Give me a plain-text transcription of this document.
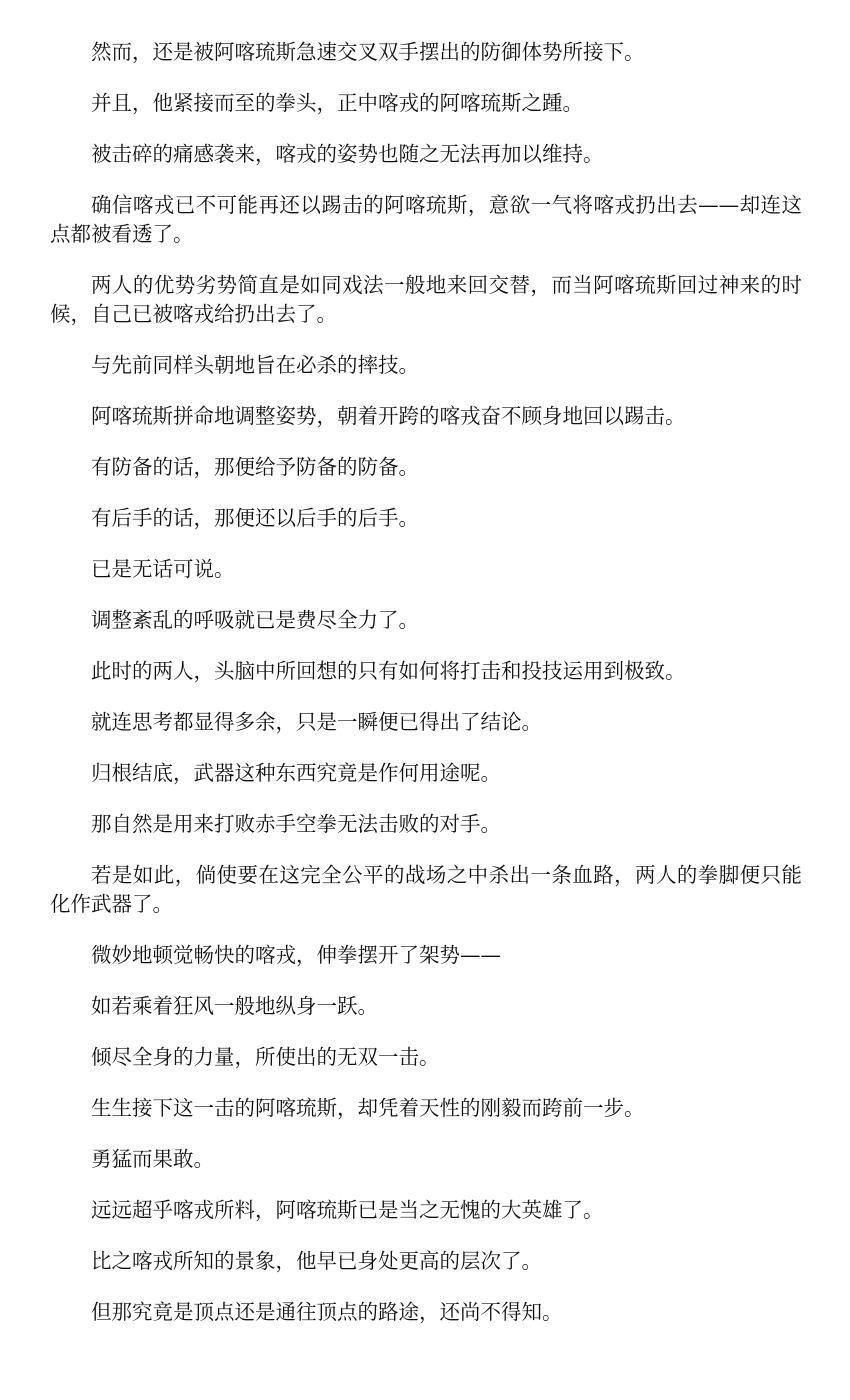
然而，还是被阿喀琉斯急速交叉双手摆出的防御体势所接下。

并且，他紧接而至的拳头，正中喀戎的阿喀琉斯之踵。

被击碎的痛感袭来，喀戎的姿势也随之无法再加以维持。

确信喀戎已不可能再还以踢击的阿喀琉斯，意欲一气将喀戎扔出去——却连这点都被看透了。

两人的优势劣势简直是如同戏法一般地来回交替，而当阿喀琉斯回过神来的时候，自己已被喀戎给扔出去了。

与先前同样头朝地旨在必杀的摔技。

阿喀琉斯拼命地调整姿势，朝着开跨的喀戎奋不顾身地回以踢击。

有防备的话，那便给予防备的防备。

有后手的话，那便还以后手的后手。

已是无话可说。

调整紊乱的呼吸就已是费尽全力了。

此时的两人，头脑中所回想的只有如何将打击和投技运用到极致。

就连思考都显得多余，只是一瞬便已得出了结论。

归根结底，武器这种东西究竟是作何用途呢。

那自然是用来打败赤手空拳无法击败的对手。

若是如此，倘使要在这完全公平的战场之中杀出一条血路，两人的拳脚便只能化作武器了。

微妙地顿觉畅快的喀戎，伸拳摆开了架势——

如若乘着狂风一般地纵身一跃。

倾尽全身的力量，所使出的无双一击。

生生接下这一击的阿喀琉斯，却凭着天性的刚毅而跨前一步。

勇猛而果敢。

远远超乎喀戎所料，阿喀琉斯已是当之无愧的大英雄了。

比之喀戎所知的景象，他早已身处更高的层次了。

但那究竟是顶点还是通往顶点的路途，还尚不得知。
